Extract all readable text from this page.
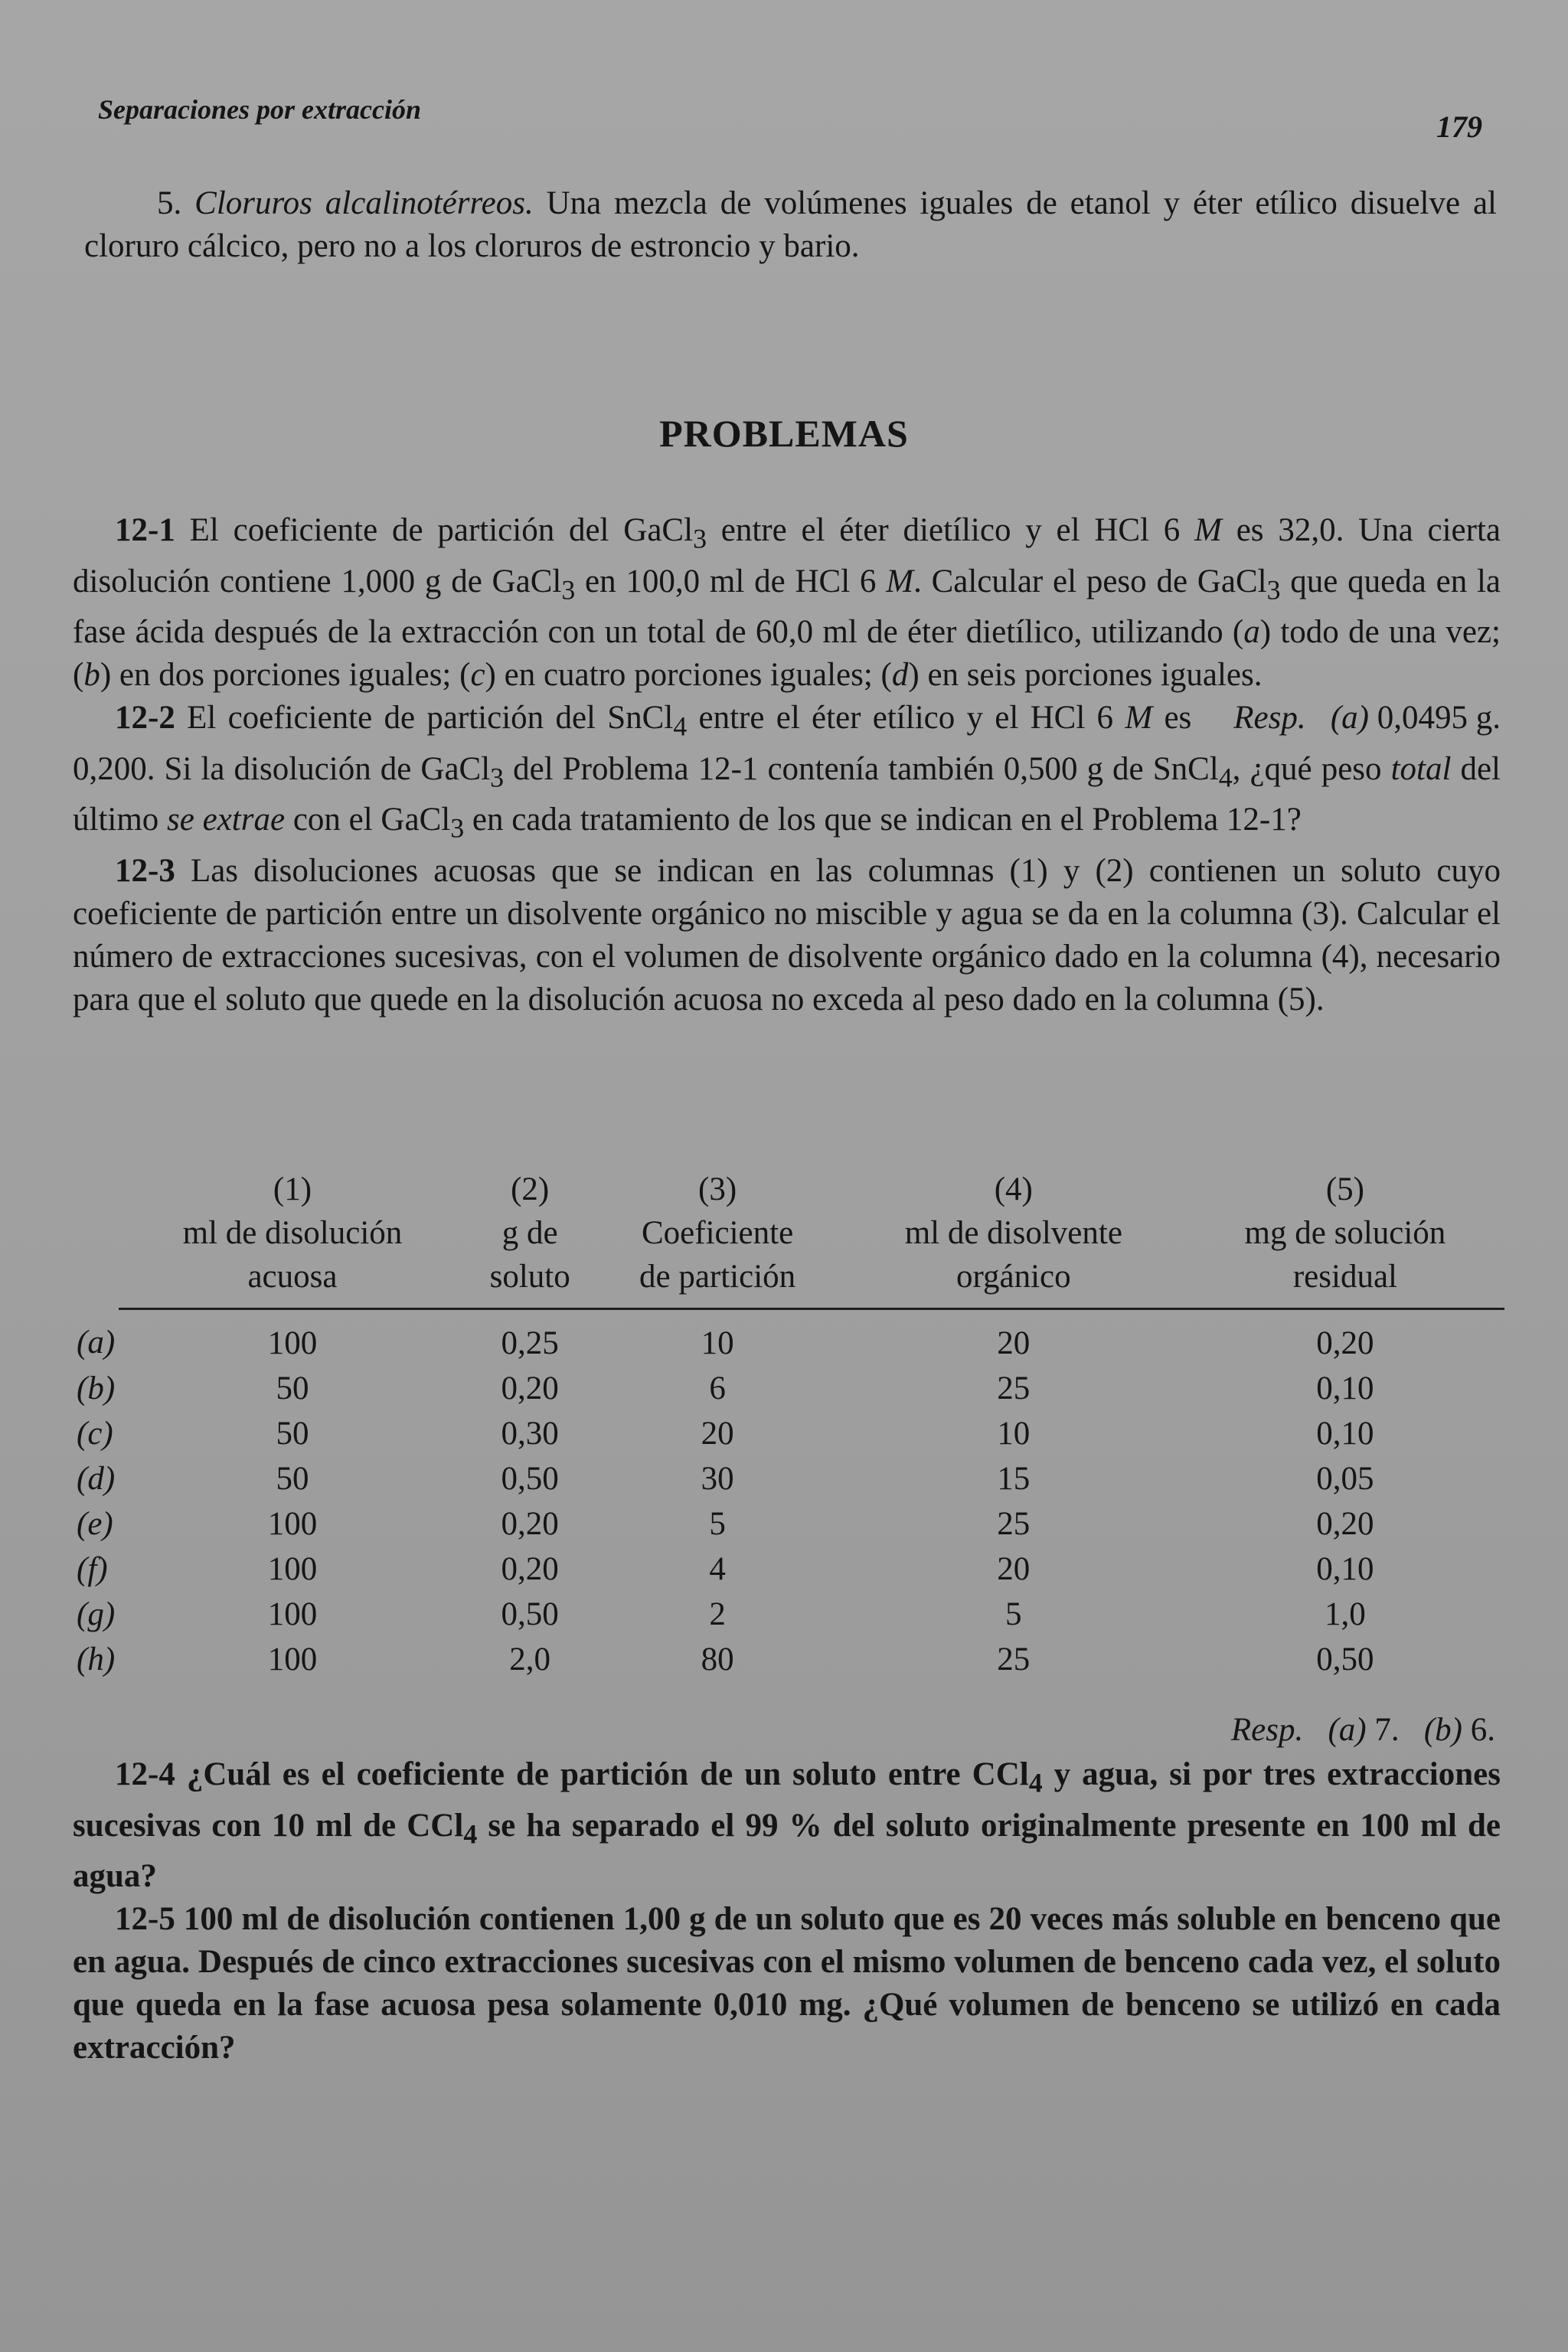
Separaciones por extracción	179

5. Cloruros alcalinotérreos. Una mezcla de volúmenes iguales de etanol y éter etílico disuelve al cloruro cálcico, pero no a los cloruros de estroncio y bario.

PROBLEMAS

12-1 El coeficiente de partición del GaCl$_3$ entre el éter dietílico y el HCl 6 M es 32,0. Una cierta disolución contiene 1,000 g de GaCl$_3$ en 100,0 ml de HCl 6 M. Calcular el peso de GaCl$_3$ que queda en la fase ácida después de la extracción con un total de 60,0 ml de éter dietílico, utilizando (a) todo de una vez; (b) en dos porciones iguales; (c) en cuatro porciones iguales; (d) en seis porciones iguales.
Resp. (a) 0,0495 g.

12-2 El coeficiente de partición del SnCl$_4$ entre el éter etílico y el HCl 6 M es 0,200. Si la disolución de GaCl$_3$ del Problema 12-1 contenía también 0,500 g de SnCl$_4$, ¿qué peso total del último se extrae con el GaCl$_3$ en cada tratamiento de los que se indican en el Problema 12-1?

12-3 Las disoluciones acuosas que se indican en las columnas (1) y (2) contienen un soluto cuyo coeficiente de partición entre un disolvente orgánico no miscible y agua se da en la columna (3). Calcular el número de extracciones sucesivas, con el volumen de disolvente orgánico dado en la columna (4), necesario para que el soluto que quede en la disolución acuosa no exceda al peso dado en la columna (5).

	(1)
ml de disolución
acuosa	(2)
g de
soluto	(3)
Coeficiente
de partición	(4)
ml de disolvente
orgánico	(5)
mg de solución
residual
(a)	100	0,25	10	20	0,20
(b)	50	0,20	6	25	0,10
(c)	50	0,30	20	10	0,10
(d)	50	0,50	30	15	0,05
(e)	100	0,20	5	25	0,20
(f)	100	0,20	4	20	0,10
(g)	100	0,50	2	5	1,0
(h)	100	2,0	80	25	0,50
Resp. (a) 7. (b) 6.

12-4 ¿Cuál es el coeficiente de partición de un soluto entre CCl$_4$ y agua, si por tres extracciones sucesivas con 10 ml de CCl$_4$ se ha separado el 99 % del soluto originalmente presente en 100 ml de agua?

12-5 100 ml de disolución contienen 1,00 g de un soluto que es 20 veces más soluble en benceno que en agua. Después de cinco extracciones sucesivas con el mismo volumen de benceno cada vez, el soluto que queda en la fase acuosa pesa solamente 0,010 mg. ¿Qué volumen de benceno se utilizó en cada extracción?
